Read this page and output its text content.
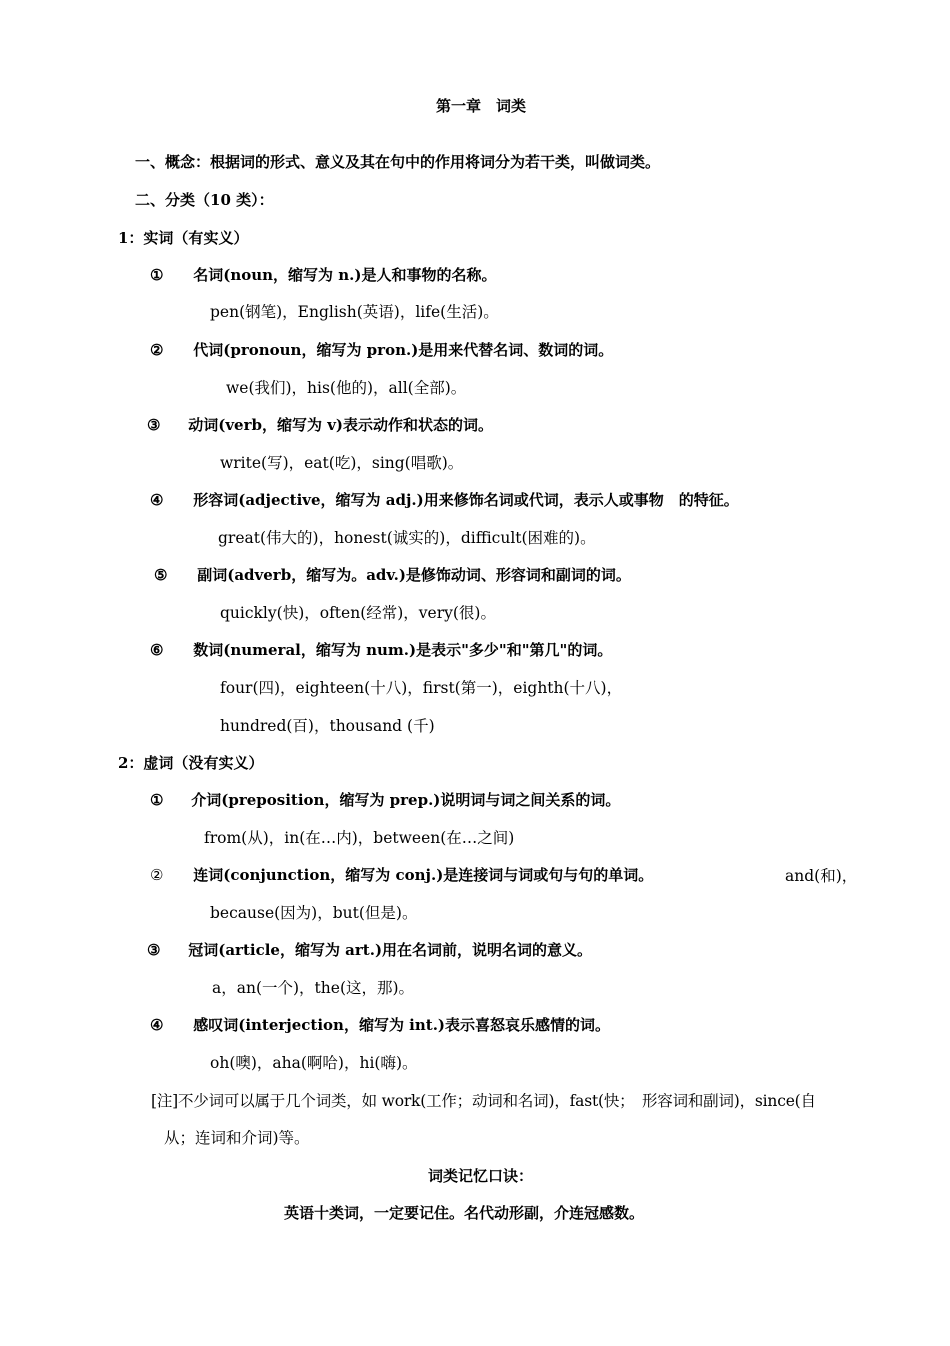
第一章　词类
一、概念：根据词的形式、意义及其在句中的作用将词分为若干类，叫做词类。
二、分类（10 类）：
1：实词（有实义）
① 名词(noun，缩写为 n.)是人和事物的名称。
pen(钢笔)，English(英语)，life(生活)。
② 代词(pronoun，缩写为 pron.)是用来代替名词、数词的词。
we(我们)，his(他的)，all(全部)。
③ 动词(verb，缩写为 v)表示动作和状态的词。
write(写)，eat(吃)，sing(唱歌)。
④ 形容词(adjective，缩写为 adj.)用来修饰名词或代词，表示人或事物　的特征。
great(伟大的)，honest(诚实的)，difficult(困难的)。
⑤ 副词(adverb，缩写为。adv.)是修饰动词、形容词和副词的词。
quickly(快)，often(经常)，very(很)。
⑥ 数词(numeral，缩写为 num.)是表示"多少"和"第几"的词。
four(四)，eighteen(十八)，first(第一)，eighth(十八)，
hundred(百)，thousand (千)
2：虚词（没有实义）
① 介词(preposition，缩写为 prep.)说明词与词之间关系的词。
from(从)，in(在…内)，between(在…之间)
② 连词(conjunction，缩写为 conj.)是连接词与词或句与句的单词。	and(和)，
because(因为)，but(但是)。
③ 冠词(article，缩写为 art.)用在名词前，说明名词的意义。
a，an(一个)，the(这，那)。
④ 感叹词(interjection，缩写为 int.)表示喜怒哀乐感情的词。
oh(噢)，aha(啊哈)，hi(嗨)。
[注]不少词可以属于几个词类，如 work(工作；动词和名词)，fast(快；　形容词和副词)，since(自
从；连词和介词)等。
词类记忆口诀：
英语十类词，一定要记住。名代动形副，介连冠感数。
